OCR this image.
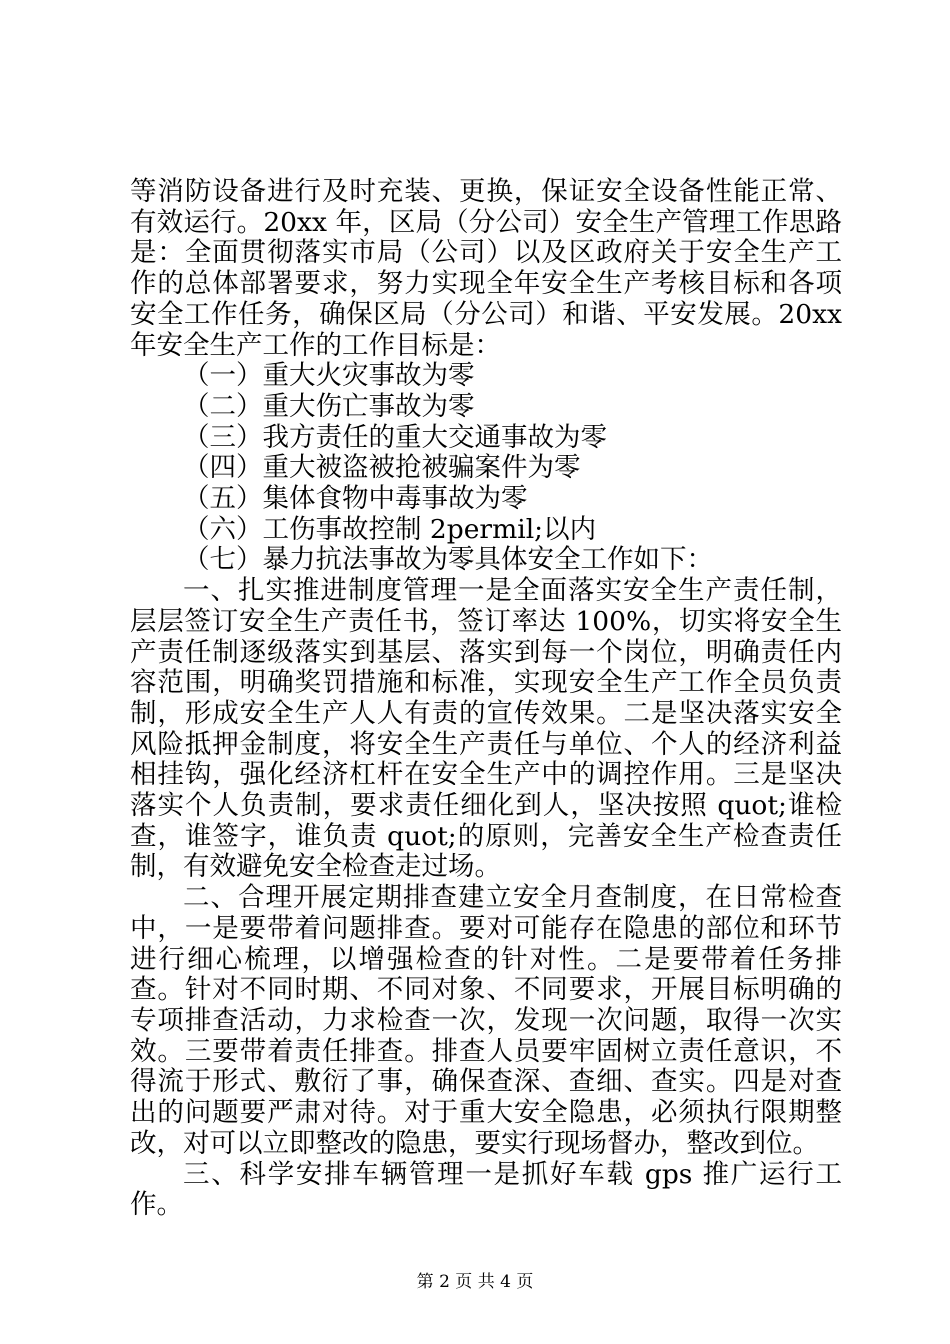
等消防设备进行及时充装、更换，保证安全设备性能正常、有效运行。20xx 年，区局（分公司）安全生产管理工作思路是：全面贯彻落实市局（公司）以及区政府关于安全生产工作的总体部署要求，努力实现全年安全生产考核目标和各项安全工作任务，确保区局（分公司）和谐、平安发展。20xx 年安全生产工作的工作目标是：

（一）重大火灾事故为零

（二）重大伤亡事故为零

（三）我方责任的重大交通事故为零

（四）重大被盗被抢被骗案件为零

（五）集体食物中毒事故为零

（六）工伤事故控制 2permil;以内

（七）暴力抗法事故为零具体安全工作如下：

一、扎实推进制度管理一是全面落实安全生产责任制，层层签订安全生产责任书，签订率达 100%，切实将安全生产责任制逐级落实到基层、落实到每一个岗位，明确责任内容范围，明确奖罚措施和标准，实现安全生产工作全员负责制，形成安全生产人人有责的宣传效果。二是坚决落实安全风险抵押金制度，将安全生产责任与单位、个人的经济利益相挂钩，强化经济杠杆在安全生产中的调控作用。三是坚决落实个人负责制，要求责任细化到人，坚决按照 quot;谁检查，谁签字，谁负责 quot;的原则，完善安全生产检查责任制，有效避免安全检查走过场。

二、合理开展定期排查建立安全月查制度，在日常检查中，一是要带着问题排查。要对可能存在隐患的部位和环节进行细心梳理，以增强检查的针对性。二是要带着任务排查。针对不同时期、不同对象、不同要求，开展目标明确的专项排查活动，力求检查一次，发现一次问题，取得一次实效。三要带着责任排查。排查人员要牢固树立责任意识，不得流于形式、敷衍了事，确保查深、查细、查实。四是对查出的问题要严肃对待。对于重大安全隐患，必须执行限期整改，对可以立即整改的隐患，要实行现场督办，整改到位。

三、科学安排车辆管理一是抓好车载 gps 推广运行工作。

第 2 页 共 4 页
